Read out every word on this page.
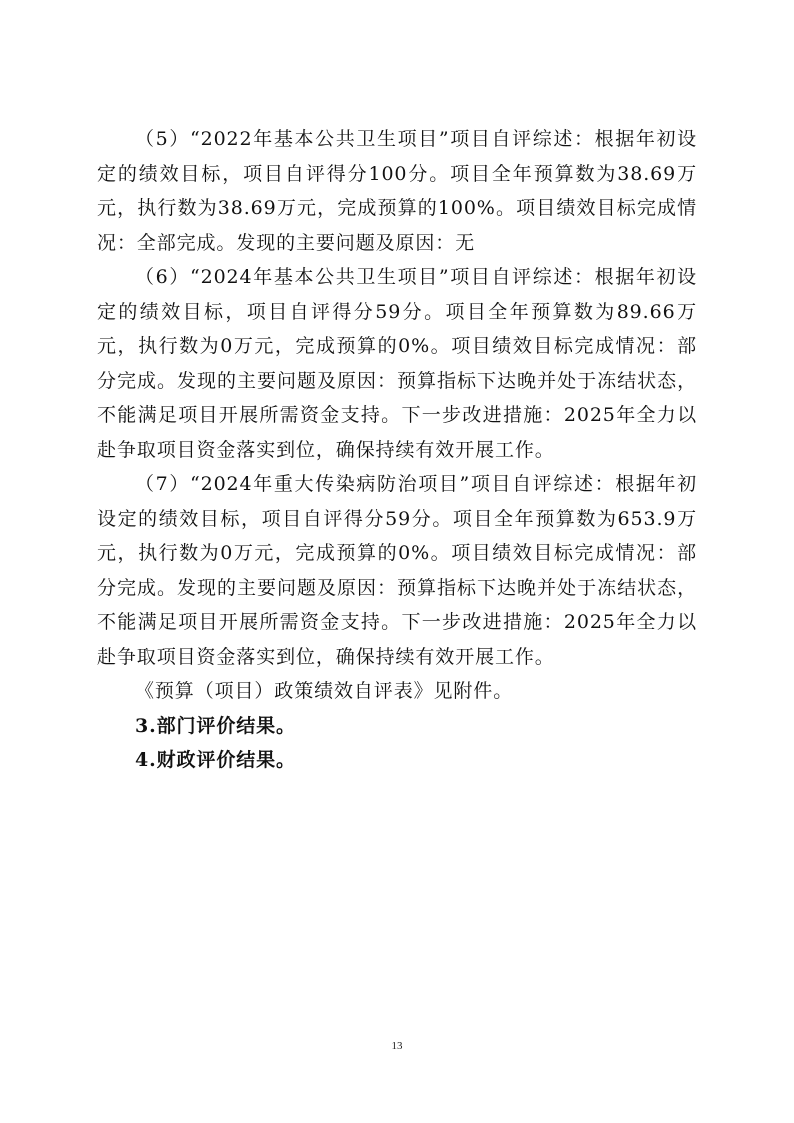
（5）“2022年基本公共卫生项目”项目自评综述：根据年初设定的绩效目标，项目自评得分100分。项目全年预算数为38.69万元，执行数为38.69万元，完成预算的100%。项目绩效目标完成情况：全部完成。发现的主要问题及原因：无

（6）“2024年基本公共卫生项目”项目自评综述：根据年初设定的绩效目标，项目自评得分59分。项目全年预算数为89.66万元，执行数为0万元，完成预算的0%。项目绩效目标完成情况：部分完成。发现的主要问题及原因：预算指标下达晚并处于冻结状态，不能满足项目开展所需资金支持。下一步改进措施：2025年全力以赴争取项目资金落实到位，确保持续有效开展工作。

（7）“2024年重大传染病防治项目”项目自评综述：根据年初设定的绩效目标，项目自评得分59分。项目全年预算数为653.9万元，执行数为0万元，完成预算的0%。项目绩效目标完成情况：部分完成。发现的主要问题及原因：预算指标下达晚并处于冻结状态，不能满足项目开展所需资金支持。下一步改进措施：2025年全力以赴争取项目资金落实到位，确保持续有效开展工作。

《预算（项目）政策绩效自评表》见附件。

3.部门评价结果。

4.财政评价结果。

13
